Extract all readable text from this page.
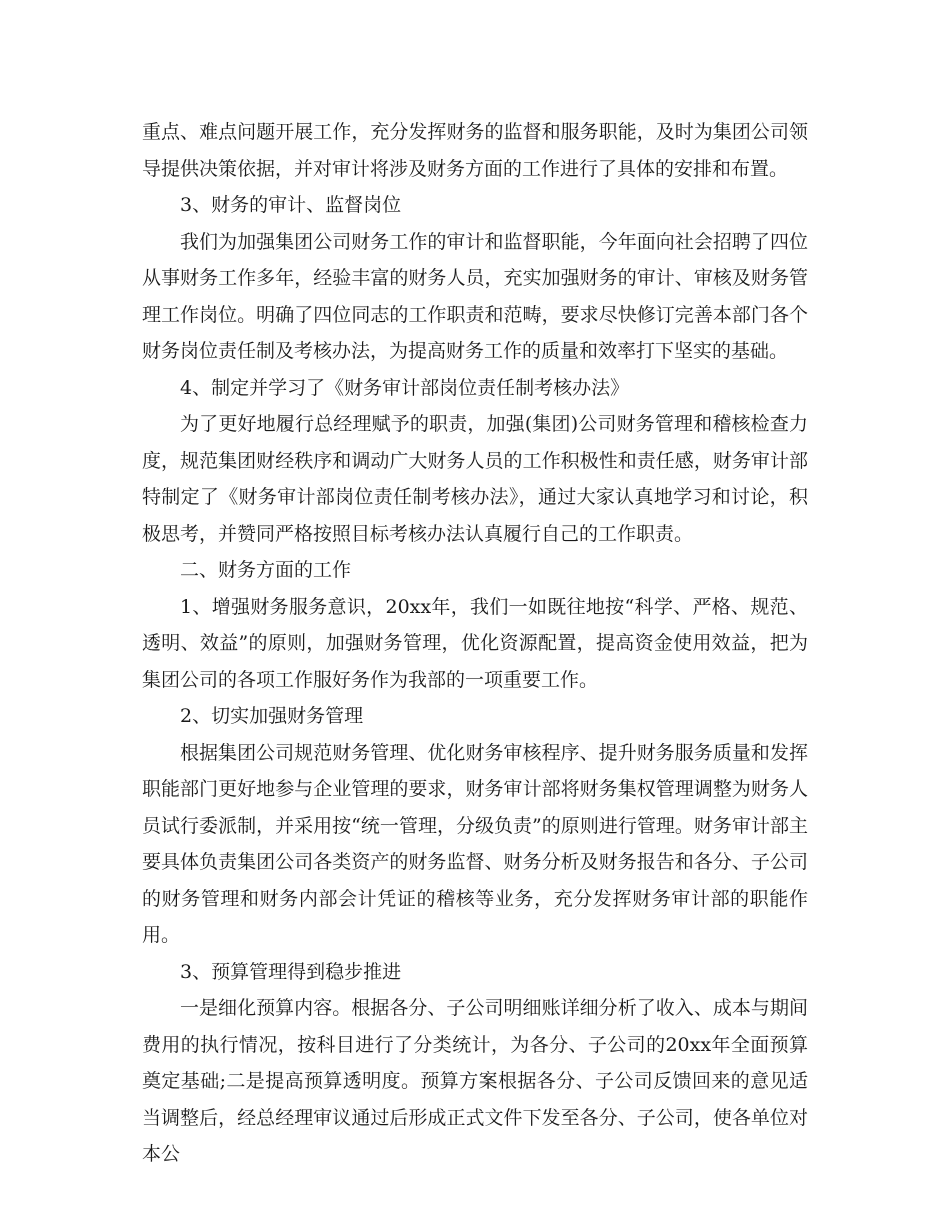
重点、难点问题开展工作，充分发挥财务的监督和服务职能，及时为集团公司领导提供决策依据，并对审计将涉及财务方面的工作进行了具体的安排和布置。

3、财务的审计、监督岗位

我们为加强集团公司财务工作的审计和监督职能，今年面向社会招聘了四位从事财务工作多年，经验丰富的财务人员，充实加强财务的审计、审核及财务管理工作岗位。明确了四位同志的工作职责和范畴，要求尽快修订完善本部门各个财务岗位责任制及考核办法，为提高财务工作的质量和效率打下坚实的基础。

4、制定并学习了《财务审计部岗位责任制考核办法》

为了更好地履行总经理赋予的职责，加强(集团)公司财务管理和稽核检查力度，规范集团财经秩序和调动广大财务人员的工作积极性和责任感，财务审计部特制定了《财务审计部岗位责任制考核办法》，通过大家认真地学习和讨论，积极思考，并赞同严格按照目标考核办法认真履行自己的工作职责。

二、财务方面的工作

1、增强财务服务意识，20xx年，我们一如既往地按“科学、严格、规范、透明、效益”的原则，加强财务管理，优化资源配置，提高资金使用效益，把为集团公司的各项工作服好务作为我部的一项重要工作。

2、切实加强财务管理

根据集团公司规范财务管理、优化财务审核程序、提升财务服务质量和发挥职能部门更好地参与企业管理的要求，财务审计部将财务集权管理调整为财务人员试行委派制，并采用按“统一管理，分级负责”的原则进行管理。财务审计部主要具体负责集团公司各类资产的财务监督、财务分析及财务报告和各分、子公司的财务管理和财务内部会计凭证的稽核等业务，充分发挥财务审计部的职能作用。

3、预算管理得到稳步推进

一是细化预算内容。根据各分、子公司明细账详细分析了收入、成本与期间费用的执行情况，按科目进行了分类统计，为各分、子公司的20xx年全面预算奠定基础;二是提高预算透明度。预算方案根据各分、子公司反馈回来的意见适当调整后，经总经理审议通过后形成正式文件下发至各分、子公司，使各单位对本公
